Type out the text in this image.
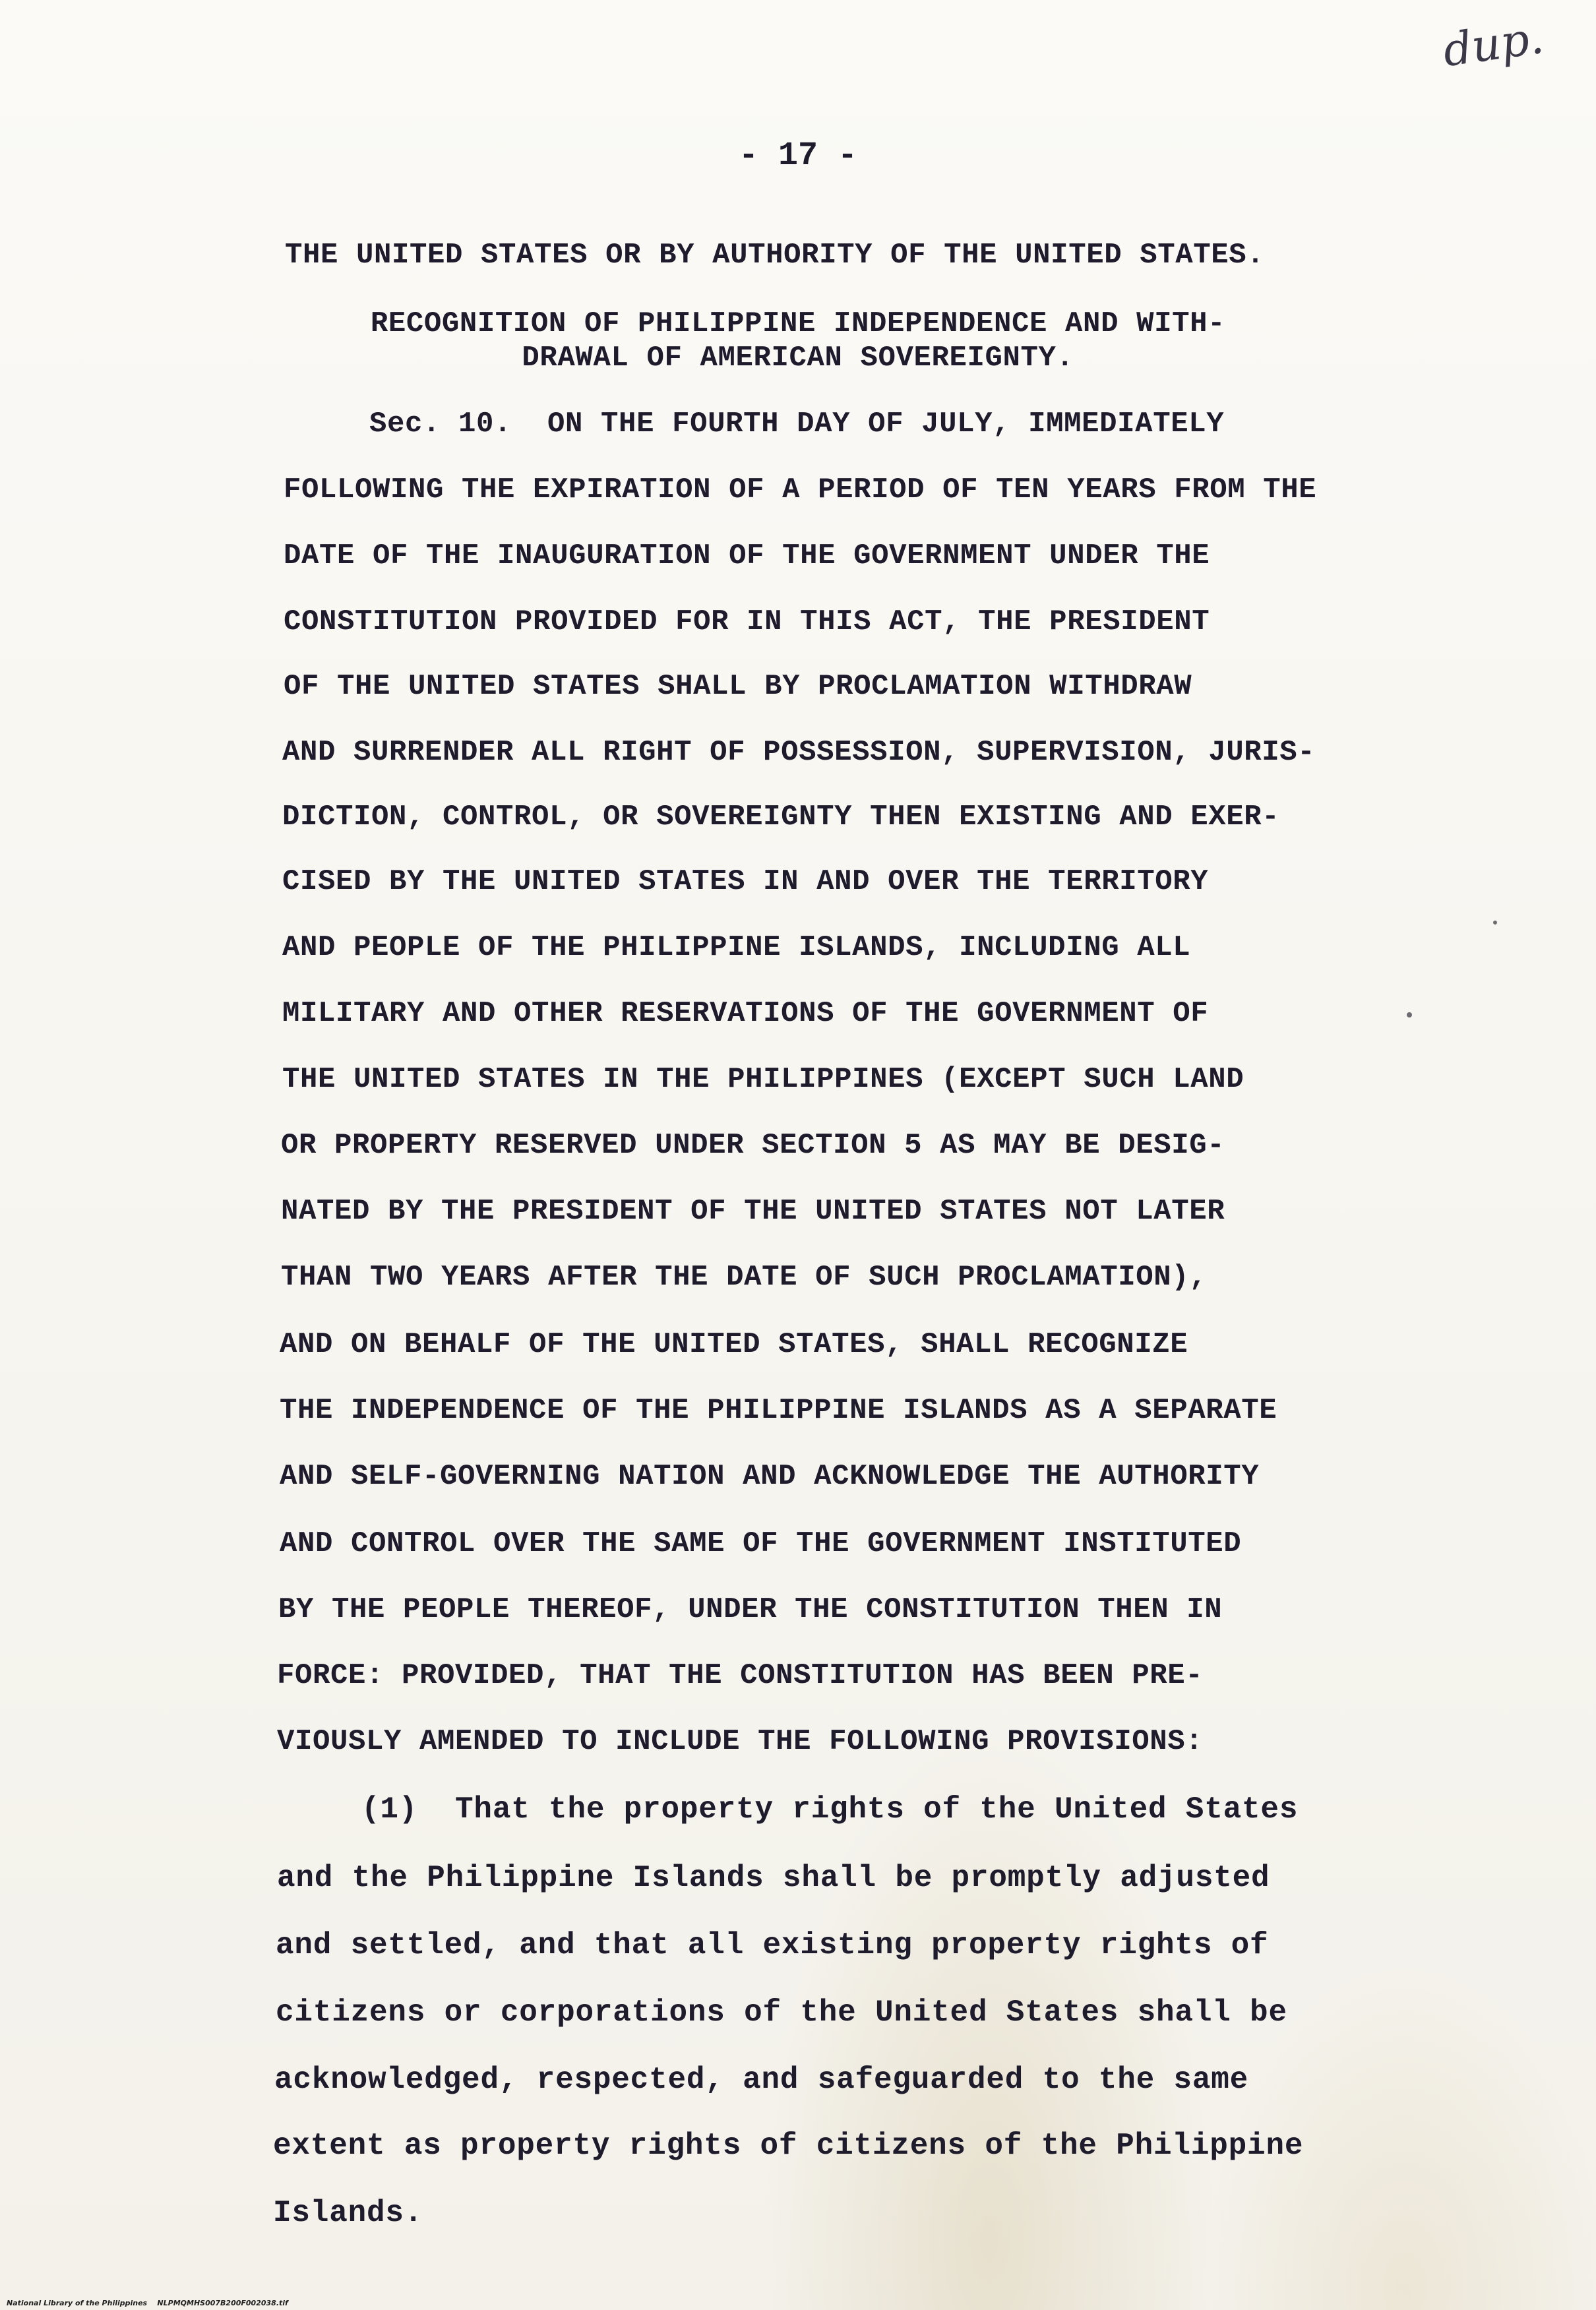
dup.
- 17 -
THE UNITED STATES OR BY AUTHORITY OF THE UNITED STATES.
RECOGNITION OF PHILIPPINE INDEPENDENCE AND WITH-
DRAWAL OF AMERICAN SOVEREIGNTY.
Sec. 10.  ON THE FOURTH DAY OF JULY, IMMEDIATELY
FOLLOWING THE EXPIRATION OF A PERIOD OF TEN YEARS FROM THE
DATE OF THE INAUGURATION OF THE GOVERNMENT UNDER THE
CONSTITUTION PROVIDED FOR IN THIS ACT, THE PRESIDENT
OF THE UNITED STATES SHALL BY PROCLAMATION WITHDRAW
AND SURRENDER ALL RIGHT OF POSSESSION, SUPERVISION, JURIS-
DICTION, CONTROL, OR SOVEREIGNTY THEN EXISTING AND EXER-
CISED BY THE UNITED STATES IN AND OVER THE TERRITORY
AND PEOPLE OF THE PHILIPPINE ISLANDS, INCLUDING ALL
MILITARY AND OTHER RESERVATIONS OF THE GOVERNMENT OF
THE UNITED STATES IN THE PHILIPPINES (EXCEPT SUCH LAND
OR PROPERTY RESERVED UNDER SECTION 5 AS MAY BE DESIG-
NATED BY THE PRESIDENT OF THE UNITED STATES NOT LATER
THAN TWO YEARS AFTER THE DATE OF SUCH PROCLAMATION),
AND ON BEHALF OF THE UNITED STATES, SHALL RECOGNIZE
THE INDEPENDENCE OF THE PHILIPPINE ISLANDS AS A SEPARATE
AND SELF-GOVERNING NATION AND ACKNOWLEDGE THE AUTHORITY
AND CONTROL OVER THE SAME OF THE GOVERNMENT INSTITUTED
BY THE PEOPLE THEREOF, UNDER THE CONSTITUTION THEN IN
FORCE: PROVIDED, THAT THE CONSTITUTION HAS BEEN PRE-
VIOUSLY AMENDED TO INCLUDE THE FOLLOWING PROVISIONS:
(1)  That the property rights of the United States
and the Philippine Islands shall be promptly adjusted
and settled, and that all existing property rights of
citizens or corporations of the United States shall be
acknowledged, respected, and safeguarded to the same
extent as property rights of citizens of the Philippine
Islands.
National Library of the Philippines    NLPMQMHS007B200F002038.tif
